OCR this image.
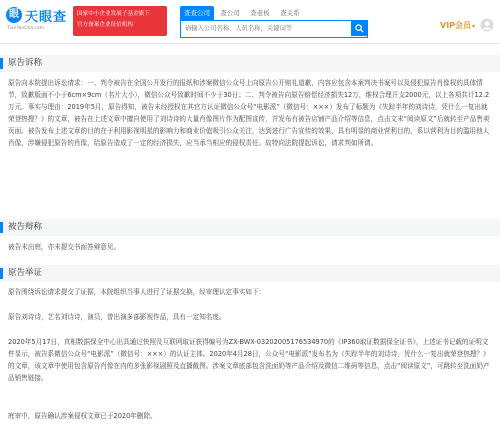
眼 天眼查
TianYanCha.com
国家中小企业发展子基金旗下
官方备案企业征信机构
查查公司	查公司	查老板	查关系
请输入公司名称，人员名称，关键词等
VIP会员▾
原告诉称
原告向本院提出诉讼请求：一、判令被告在全国公开发行的报纸和涉案微信公众号上向原告公开赔礼道歉，内容应包含本案判决书案号以及侵犯原告肖像权的具体情节，致歉版面不小于6cm×9cm（名片大小），微信公众号致歉时间不少于30日；二、判令被告向原告赔偿经济损失12万，维权合理开支2000元，以上各项共计12.2万元。事实与理由：2019年5月，原告得知，被告未经授权在其官方认证微信公众号“电影派”（微信号：×××）发布了标题为《失踪半年的刘诗诗，凭什么一复出就荣登热搜？》的文章，被告在上述文章中擅自使用了刘诗诗的大量肖像图片作为配图宣传，并发布有被告店铺产品介绍等信息，点击文末“阅读原文”后就转至产品售卖页面。被告发布上述文章的目的在于利用影视明星的影响力和商业价值吸引公众关注，达到进行广告宣传的效果，具有明显的商业营利目的，系以营利为目的滥用他人肖像，涉嫌侵犯原告的肖像，给原告造成了一定的经济损失，应当承当相应的侵权责任。故特向法院提起诉讼，请求判如所请。
被告辩称
被告未出庭，亦未提交书面答辩意见。
原告举证
原告围绕诉讼请求提交了证据，本院组织当事人进行了证据交换，经审理认定事实如下：
原告刘诗诗，艺名刘诗诗，演员，曾出演多部影视作品，具有一定知名度。
2020年5月17日，真相数据保全中心出具通过快照及互联网取证获得编号为ZX-BWX-03202005176534970的《IP360取证数据保全证书》，上述证书记载的证明文件显示，被告系微信公众号“电影派”（微信号：×××）的认证主体。2020年4月28日，公众号“电影派”发布名为《失踪半年的刘诗诗，凭什么一复出就荣登热搜？》的文章，该文章中使用包含原告肖像在内的多张影视剧照及直播截图。涉案文章底部包含洗面奶等产品介绍及微信二维码等信息，点击“阅读原文”，可跳转至洗面奶产品销售链接。
庭审中，原告确认涉案侵权文章已于2020年删除。
